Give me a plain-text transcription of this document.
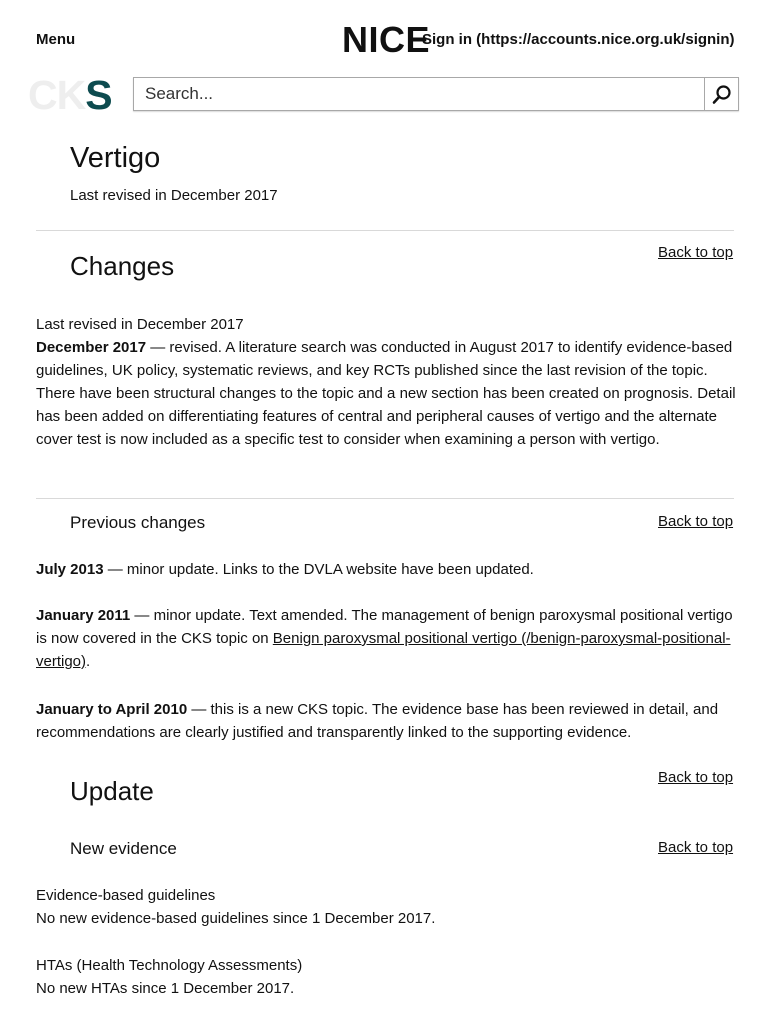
Menu	NICE
Sign in (https://accounts.nice.org.uk/signin)
CKS
Search...
Vertigo
Last revised in December 2017
Changes	Back to top
Last revised in December 2017
December 2017 — revised. A literature search was conducted in August 2017 to identify evidence-based guidelines, UK policy, systematic reviews, and key RCTs published since the last revision of the topic. There have been structural changes to the topic and a new section has been created on prognosis. Detail has been added on differentiating features of central and peripheral causes of vertigo and the alternate cover test is now included as a specific test to consider when examining a person with vertigo.
Previous changes	Back to top
July 2013 — minor update. Links to the DVLA website have been updated.
January 2011 — minor update. Text amended. The management of benign paroxysmal positional vertigo is now covered in the CKS topic on Benign paroxysmal positional vertigo (/benign-paroxysmal-positional-vertigo).
January to April 2010 — this is a new CKS topic. The evidence base has been reviewed in detail, and recommendations are clearly justified and transparently linked to the supporting evidence.
Update	Back to top
New evidence	Back to top
Evidence-based guidelines
No new evidence-based guidelines since 1 December 2017.
HTAs (Health Technology Assessments)
No new HTAs since 1 December 2017.
